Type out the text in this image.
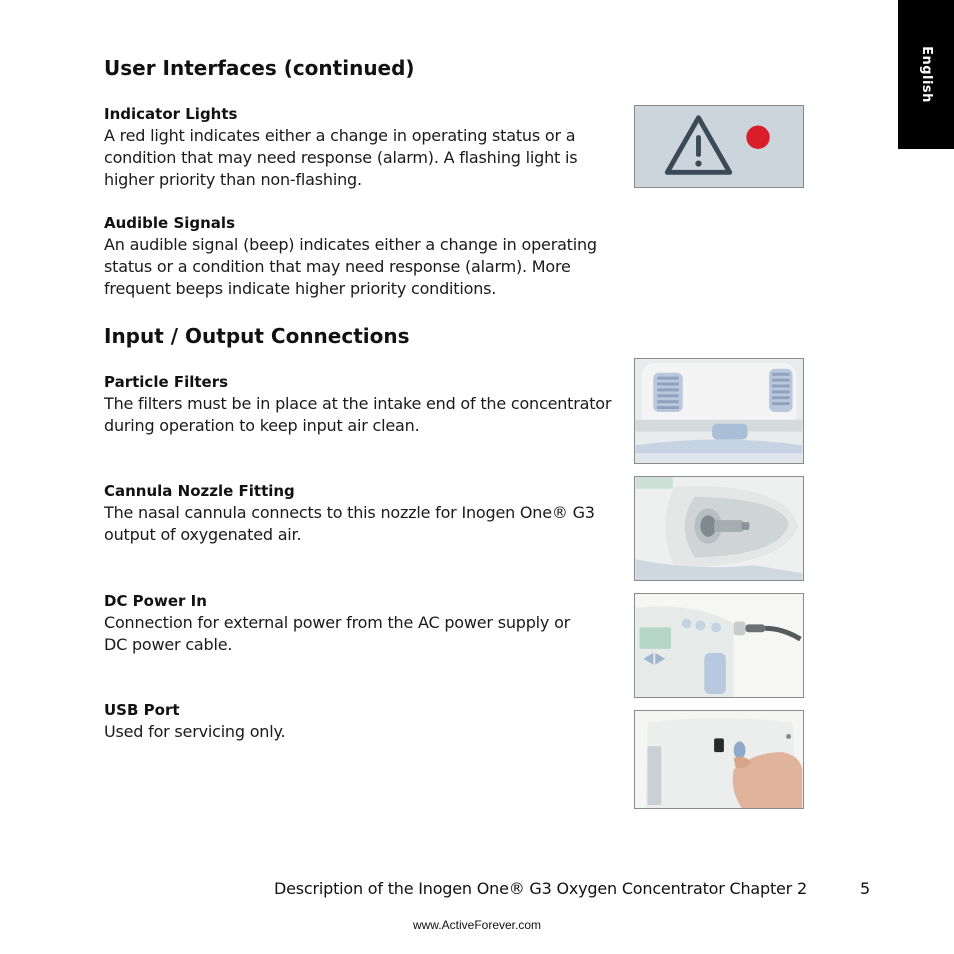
English
User Interfaces (continued)

Indicator Lights

A red light indicates either a change in operating status or a

condition that may need response (alarm). A flashing light is

higher priority than non-flashing.

Audible Signals

An audible signal (beep) indicates either a change in operating

status or a condition that may need response (alarm). More

frequent beeps indicate higher priority conditions.

Input / Output Connections

Particle Filters

The filters must be in place at the intake end of the concentrator

during operation to keep input air clean.

Cannula Nozzle Fitting

The nasal cannula connects to this nozzle for Inogen One® G3

output of oxygenated air.

DC Power In

Connection for external power from the AC power supply or

DC power cable.

USB Port

Used for servicing only.

Description of the Inogen One® G3 Oxygen Concentrator Chapter 2	5
www.ActiveForever.com
